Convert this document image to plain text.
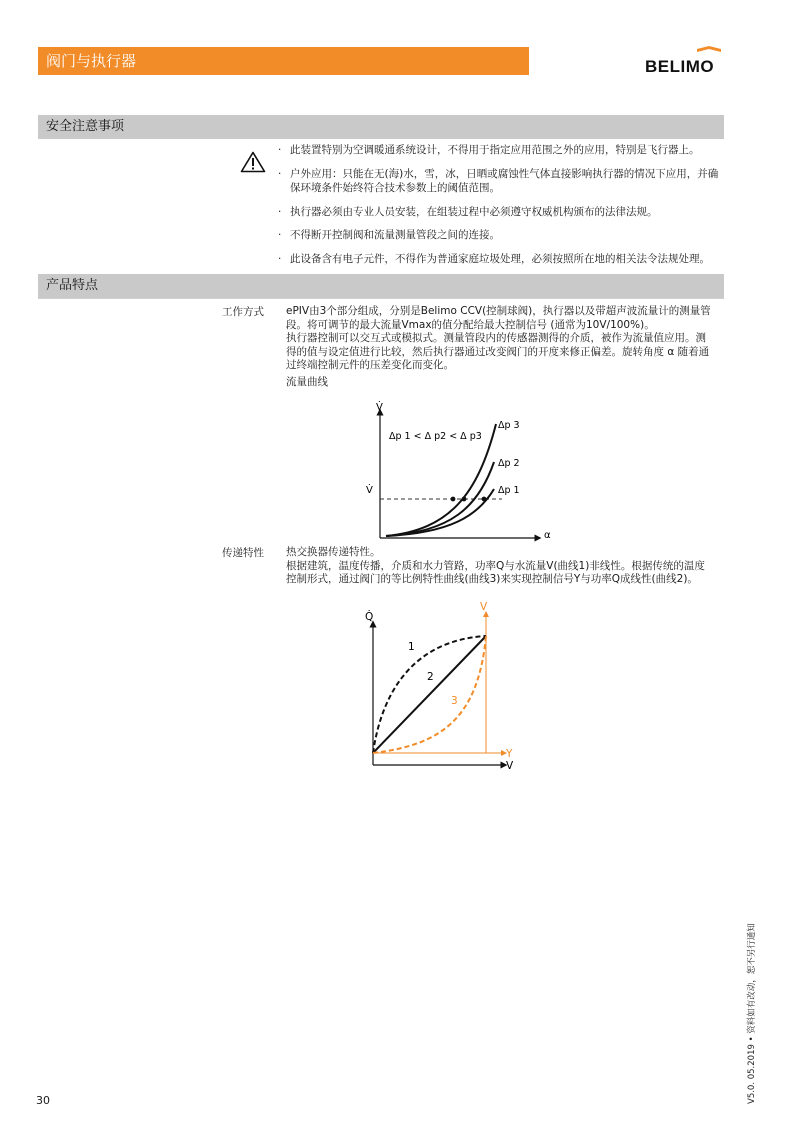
阀门与执行器	BELIMO
安全注意事项
· 此装置特别为空调暖通系统设计，不得用于指定应用范围之外的应用，特别是飞行器上。
· 户外应用：只能在无(海)水，雪，冰，日晒或腐蚀性气体直接影响执行器的情况下应用，并确保环境条件始终符合技术参数上的阈值范围。
· 执行器必须由专业人员安装，在组装过程中必须遵守权威机构颁布的法律法规。
· 不得断开控制阀和流量测量管段之间的连接。
· 此设备含有电子元件，不得作为普通家庭垃圾处理，必须按照所在地的相关法令法规处理。
产品特点
工作方式 ePIV由3个部分组成，分别是Belimo CCV(控制球阀)，执行器以及带超声波流量计的测量管

段。将可调节的最大流量Vmax的值分配给最大控制信号 (通常为10V/100%)。

执行器控制可以交互式或模拟式。测量管段内的传感器测得的介质，被作为流量值应用。测

得的值与设定值进行比较，然后执行器通过改变阀门的开度来修正偏差。旋转角度 α 随着通

过终端控制元件的压差变化而变化。

流量曲线
V̇
α
Δp 1 < Δ p2 < Δ p3
V̇
Δp 3
Δp 2
Δp 1
传递特性 热交换器传递特性。

根据建筑，温度传播，介质和水力管路，功率Q与水流量V(曲线1)非线性。根据传统的温度

控制形式，通过阀门的等比例特性曲线(曲线3)来实现控制信号Y与功率Q成线性(曲线2)。

Q̇
V
Y
V
1
2
3
30	V5.0. 05.2019 • 资料如有改动，恕不另行通知
